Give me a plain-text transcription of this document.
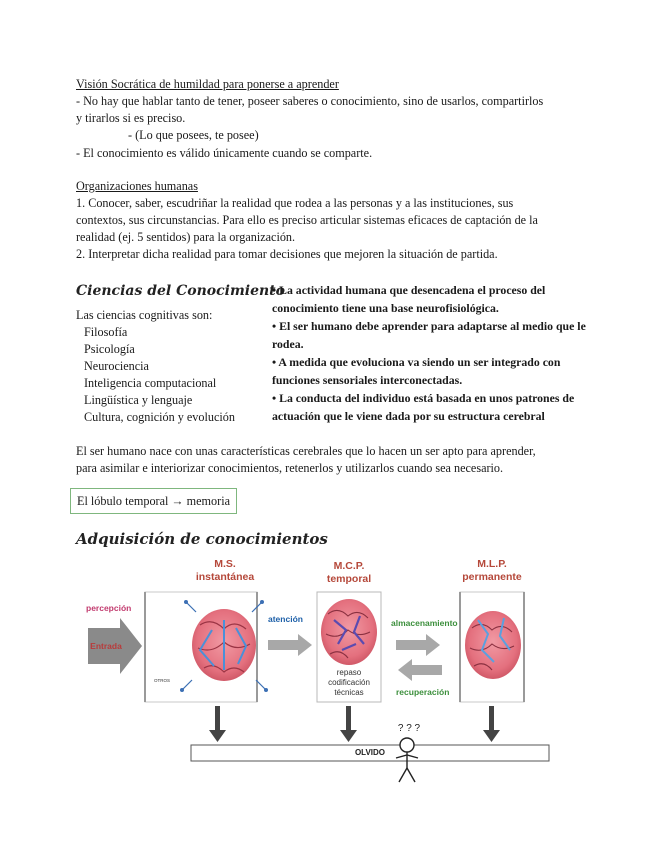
Visión Socrática de humildad para ponerse a aprender
- No hay que hablar tanto de tener, poseer saberes o conocimiento, sino de usarlos, compartirlos
y tirarlos si es preciso.
- (Lo que posees, te posee)
- El conocimiento es válido únicamente cuando se comparte.
Organizaciones humanas
1. Conocer, saber, escudriñar la realidad que rodea a las personas y a las instituciones, sus
contextos, sus circunstancias. Para ello es preciso articular sistemas eficaces de captación de la
realidad (ej. 5 sentidos) para la organización.
2. Interpretar dicha realidad para tomar decisiones que mejoren la situación de partida.
Ciencias del Conocimiento
Las ciencias cognitivas son:
Filosofía
Psicología
Neurociencia
Inteligencia computacional
Lingüística y lenguaje
Cultura, cognición y evolución
• La actividad humana que desencadena el proceso del
conocimiento tiene una base neurofisiológica.
• El ser humano debe aprender para adaptarse al medio que le
rodea.
• A medida que evoluciona va siendo un ser integrado con
funciones sensoriales interconectadas.
• La conducta del individuo está basada en unos patrones de
actuación que le viene dada por su estructura cerebral
El ser humano nace con unas características cerebrales que lo hacen un ser apto para aprender,
para asimilar e interiorizar conocimientos, retenerlos y utilizarlos cuando sea necesario.
El lóbulo temporal → memoria
Adquisición de conocimientos
M.S.
instantánea
M.C.P.
temporal
M.L.P.
permanente
percepción
Entrada
atención	almacenamiento
recuperación
repaso
codificación
técnicas
OTROS
OLVIDO
? ? ?
